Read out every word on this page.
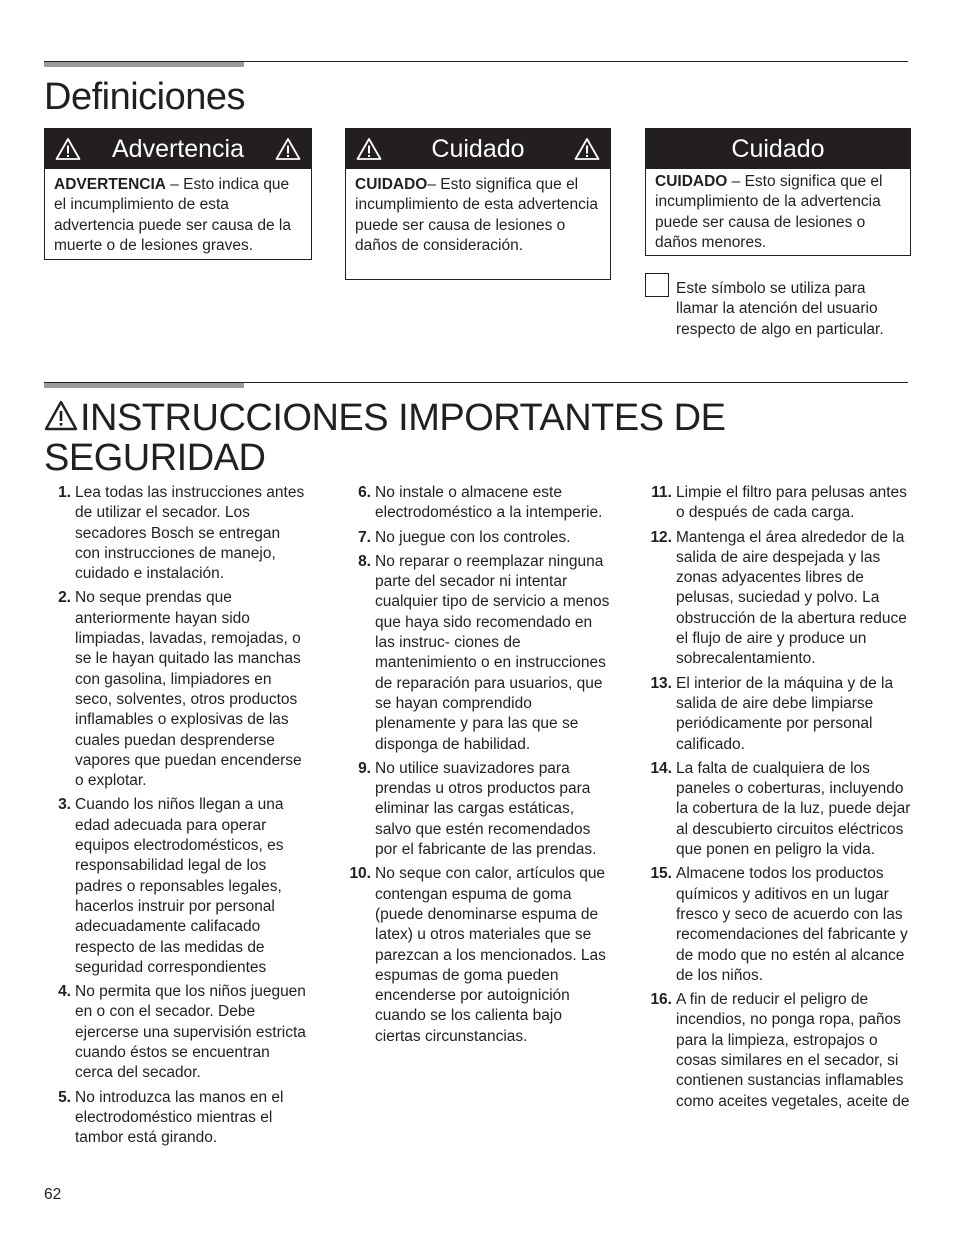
Definiciones
Advertencia
ADVERTENCIA – Esto indica que el incumplimiento de esta advertencia puede ser causa de la muerte o de lesiones graves.
Cuidado
CUIDADO– Esto significa que el incumplimiento de esta advertencia puede ser causa de lesiones o daños de consideración.
Cuidado
CUIDADO – Esto significa que el incumplimiento de la advertencia puede ser causa de lesiones o daños menores.
Este símbolo se utiliza para llamar la atención del usuario respecto de algo en particular.
INSTRUCCIONES IMPORTANTES DE SEGURIDAD
1. Lea todas las instrucciones antes de utilizar el secador. Los secadores Bosch se entregan con instrucciones de manejo, cuidado e instalación.
2. No seque prendas que anteriormente hayan sido limpiadas, lavadas, remojadas, o se le hayan quitado las manchas con gasolina, limpiadores en seco, solventes, otros productos inflamables o explosivas de las cuales puedan desprenderse vapores que puedan encenderse o explotar.
3. Cuando los niños llegan a una edad adecuada para operar equipos electrodomésticos, es responsabilidad legal de los padres o reponsables legales, hacerlos instruir por personal adecuadamente califacado respecto de las medidas de seguridad correspondientes
4. No permita que los niños jueguen en o con el secador. Debe ejercerse una supervisión estricta cuando éstos se encuentran cerca del secador.
5. No introduzca las manos en el electrodoméstico mientras el tambor está girando.
6. No instale o almacene este electrodoméstico a la intemperie.
7. No juegue con los controles.
8. No reparar o reemplazar ninguna parte del secador ni intentar cualquier tipo de servicio a menos que haya sido recomendado en las instruc- ciones de mantenimiento o en instrucciones de reparación para usuarios, que se hayan comprendido plenamente y para las que se disponga de habilidad.
9. No utilice suavizadores para prendas u otros productos para eliminar las cargas estáticas, salvo que estén recomendados por el fabricante de las prendas.
10. No seque con calor, artículos que contengan espuma de goma (puede denominarse espuma de latex) u otros materiales que se parezcan a los mencionados. Las espumas de goma pueden encenderse por autoignición cuando se los calienta bajo ciertas circunstancias.
11. Limpie el filtro para pelusas antes o después de cada carga.
12. Mantenga el área alrededor de la salida de aire despejada y las zonas adyacentes libres de pelusas, suciedad y polvo. La obstrucción de la abertura reduce el flujo de aire y produce un sobrecalentamiento.
13. El interior de la máquina y de la salida de aire debe limpiarse periódicamente por personal calificado.
14. La falta de cualquiera de los paneles o coberturas, incluyendo la cobertura de la luz, puede dejar al descubierto circuitos eléctricos que ponen en peligro la vida.
15. Almacene todos los productos químicos y aditivos en un lugar fresco y seco de acuerdo con las recomendaciones del fabricante y de modo que no estén al alcance de los niños.
16. A fin de reducir el peligro de incendios, no ponga ropa, paños para la limpieza, estropajos o cosas similares en el secador, si contienen sustancias inflamables como aceites vegetales, aceite de
62
